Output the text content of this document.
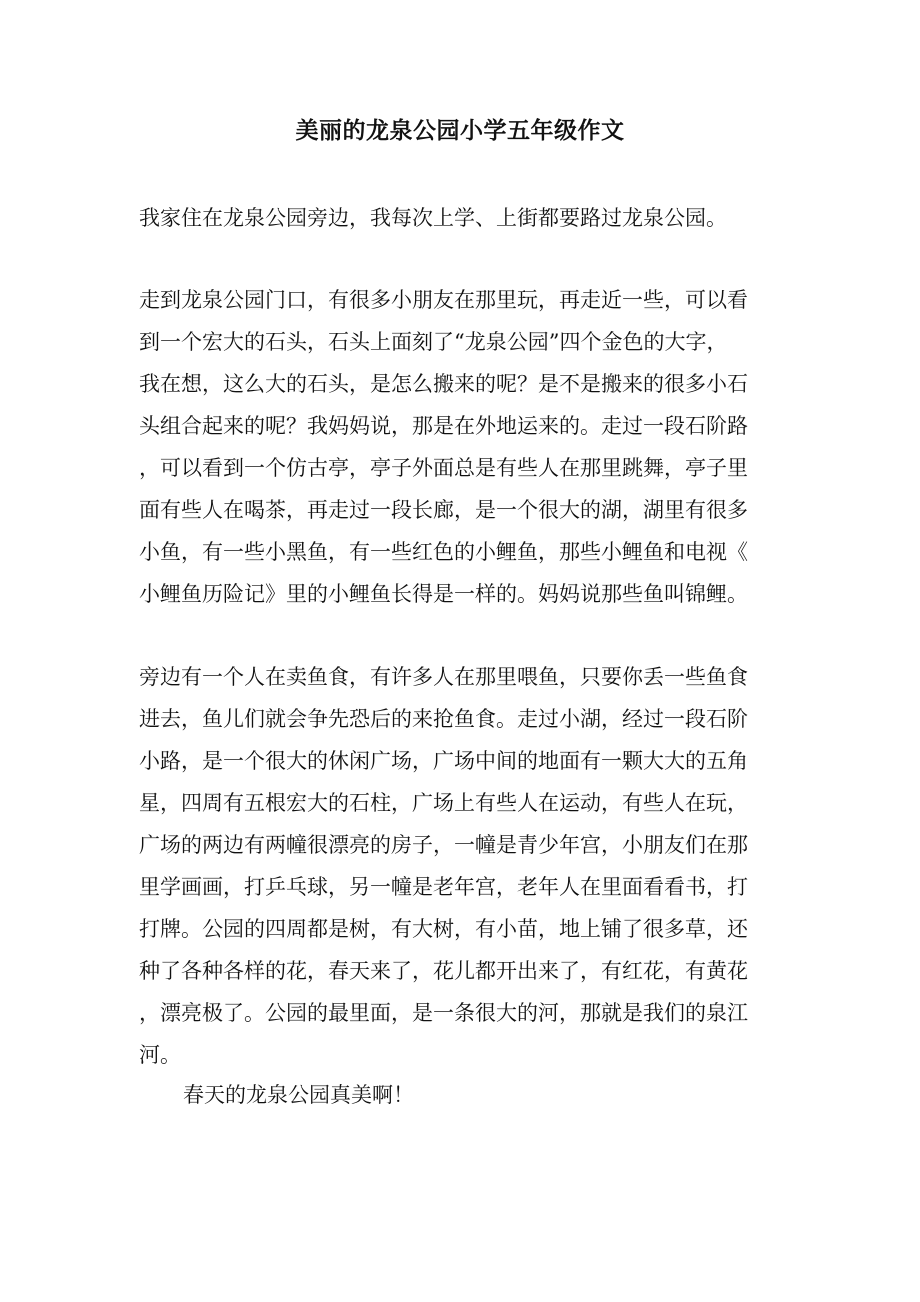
美丽的龙泉公园小学五年级作文

我家住在龙泉公园旁边，我每次上学、上街都要路过龙泉公园。

走到龙泉公园门口，有很多小朋友在那里玩，再走近一些，可以看
到一个宏大的石头，石头上面刻了“龙泉公园”四个金色的大字，
我在想，这么大的石头，是怎么搬来的呢？是不是搬来的很多小石
头组合起来的呢？我妈妈说，那是在外地运来的。走过一段石阶路
，可以看到一个仿古亭，亭子外面总是有些人在那里跳舞，亭子里
面有些人在喝茶，再走过一段长廊，是一个很大的湖，湖里有很多
小鱼，有一些小黑鱼，有一些红色的小鲤鱼，那些小鲤鱼和电视《
小鲤鱼历险记》里的小鲤鱼长得是一样的。妈妈说那些鱼叫锦鲤。

旁边有一个人在卖鱼食，有许多人在那里喂鱼，只要你丢一些鱼食
进去，鱼儿们就会争先恐后的来抢鱼食。走过小湖，经过一段石阶
小路，是一个很大的休闲广场，广场中间的地面有一颗大大的五角
星，四周有五根宏大的石柱，广场上有些人在运动，有些人在玩，
广场的两边有两幢很漂亮的房子，一幢是青少年宫，小朋友们在那
里学画画，打乒乓球，另一幢是老年宫，老年人在里面看看书，打
打牌。公园的四周都是树，有大树，有小苗，地上铺了很多草，还
种了各种各样的花，春天来了，花儿都开出来了，有红花，有黄花
，漂亮极了。公园的最里面，是一条很大的河，那就是我们的泉江
河。

春天的龙泉公园真美啊！
